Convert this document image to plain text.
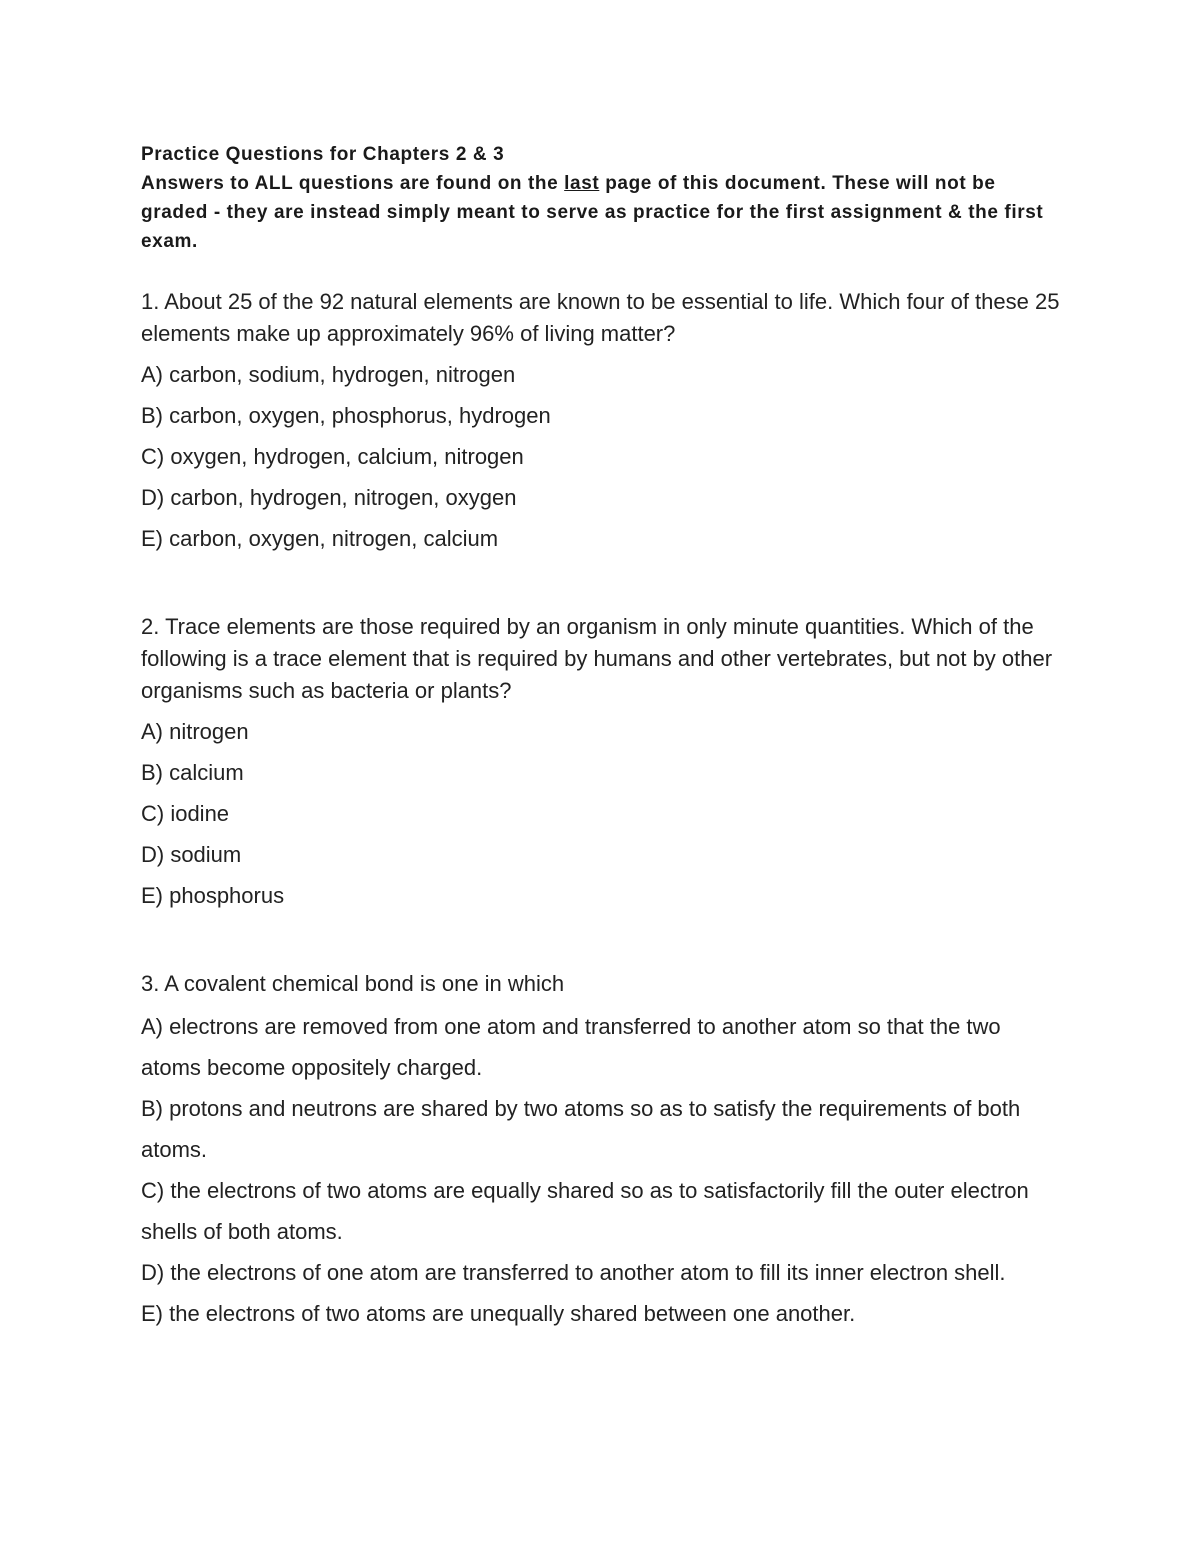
Practice Questions for Chapters 2 & 3
Answers to ALL questions are found on the last page of this document. These will not be graded - they are instead simply meant to serve as practice for the first assignment & the first exam.

1. About 25 of the 92 natural elements are known to be essential to life. Which four of these 25 elements make up approximately 96% of living matter?

A) carbon, sodium, hydrogen, nitrogen
B) carbon, oxygen, phosphorus, hydrogen
C) oxygen, hydrogen, calcium, nitrogen
D) carbon, hydrogen, nitrogen, oxygen
E) carbon, oxygen, nitrogen, calcium

2. Trace elements are those required by an organism in only minute quantities. Which of the following is a trace element that is required by humans and other vertebrates, but not by other organisms such as bacteria or plants?

A) nitrogen
B) calcium
C) iodine
D) sodium
E) phosphorus

3. A covalent chemical bond is one in which

A) electrons are removed from one atom and transferred to another atom so that the two atoms become oppositely charged.
B) protons and neutrons are shared by two atoms so as to satisfy the requirements of both atoms.
C) the electrons of two atoms are equally shared so as to satisfactorily fill the outer electron shells of both atoms.
D) the electrons of one atom are transferred to another atom to fill its inner electron shell.
E) the electrons of two atoms are unequally shared between one another.
